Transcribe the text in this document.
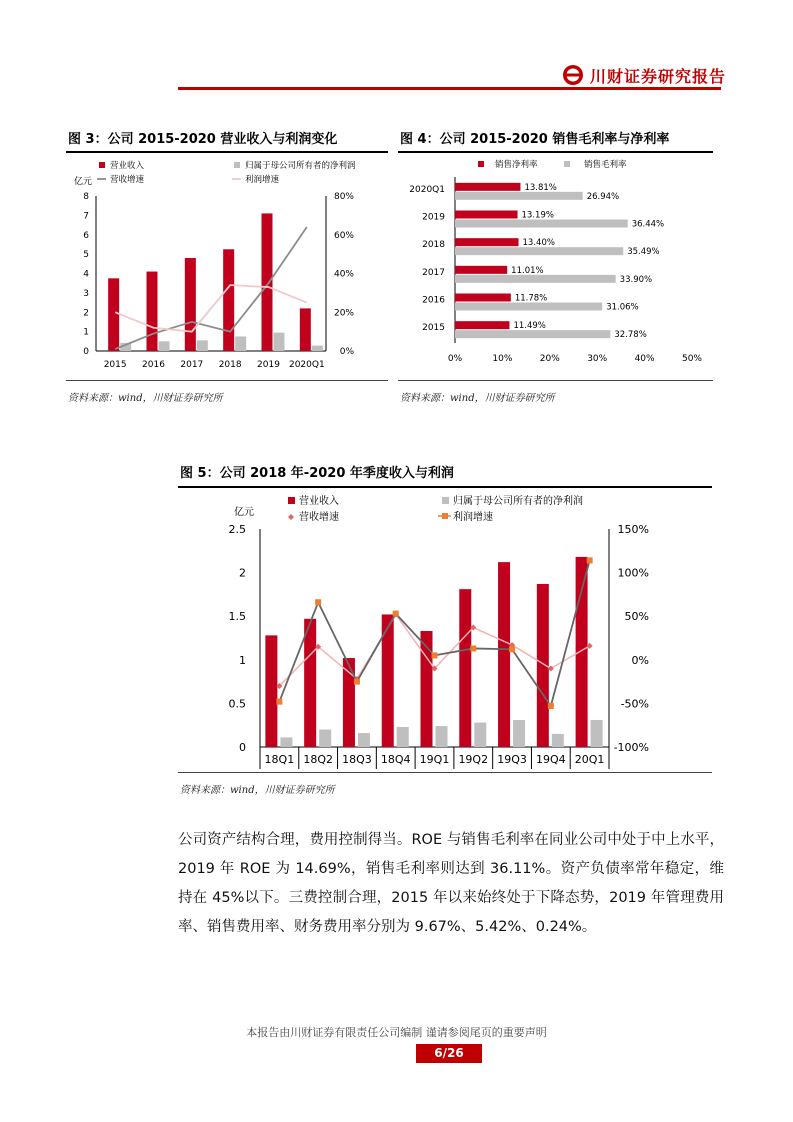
川财证券研究报告
图 3：公司 2015-2020 营业收入与利润变化
亿元
0
1
2
3
4
5
6
7
8
0%
20%
40%
60%
80%
2015 2016 2017 2018 2019 2020Q1
营业收入	归属于母公司所有者的净利润
营收增速	利润增速
资料来源：wind，川财证券研究所
图 4：公司 2015-2020 销售毛利率与净利率
0%	10%	20%	30%	40%	50%
2020Q1	13.81%
26.94%
2019	13.19%
36.44%
2018	13.40%
35.49%
2017	11.01%
33.90%
2016	11.78%
31.06%
2015	11.49%
32.78%
销售净利率	销售毛利率
资料来源：wind，川财证券研究所
图 5：公司 2018 年-2020 年季度收入与利润
亿元
0
0.5
1
1.5
2
2.5
-100%
-50%
0%
50%
100%
150%
18Q1 18Q2 18Q3 18Q4 19Q1 19Q2 19Q3 19Q4 20Q1
营业收入	归属于母公司所有者的净利润
营收增速	利润增速
资料来源：wind，川财证券研究所

公司资产结构合理，费用控制得当。ROE 与销售毛利率在同业公司中处于中上水平，2019 年 ROE 为 14.69%，销售毛利率则达到 36.11%。资产负债率常年稳定，维持在 45%以下。三费控制合理，2015 年以来始终处于下降态势，2019 年管理费用率、销售费用率、财务费用率分别为 9.67%、5.42%、0.24%。

本报告由川财证券有限责任公司编制 谨请参阅尾页的重要声明
6/26
